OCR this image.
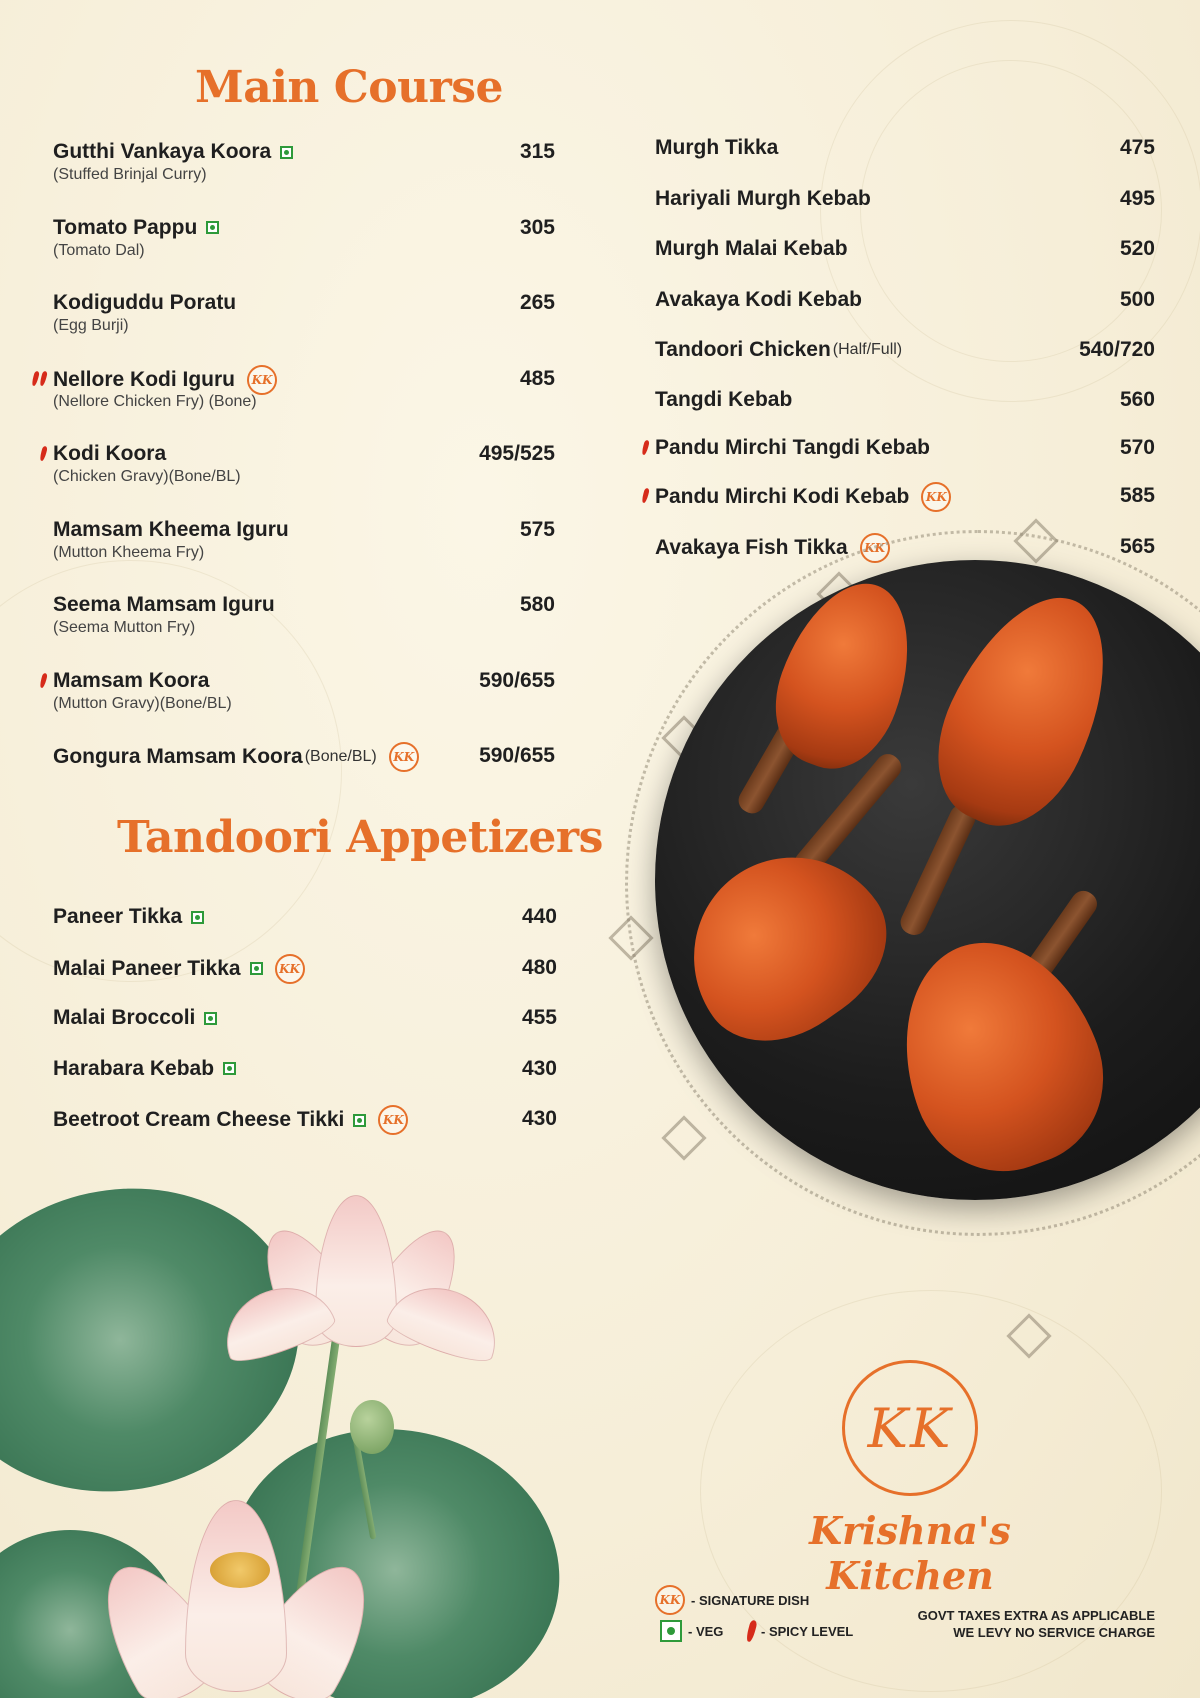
Main Course
Gutthi Vankaya Koora
(Stuffed Brinjal Curry)
315
Tomato Pappu
(Tomato Dal)
305
Kodiguddu Poratu
(Egg Burji)
265
Nellore Kodi Iguru	KK
(Nellore Chicken Fry) (Bone)
485
Kodi Koora
(Chicken Gravy)(Bone/BL)
495/525
Mamsam Kheema Iguru
(Mutton Kheema Fry)
575
Seema Mamsam Iguru
(Seema Mutton Fry)
580
Mamsam Koora
(Mutton Gravy)(Bone/BL)
590/655
Gongura Mamsam Koora (Bone/BL)	KK	590/655
Tandoori Appetizers
Paneer Tikka	440
Malai Paneer Tikka	KK	480
Malai Broccoli	455
Harabara Kebab	430
Beetroot Cream Cheese Tikki	KK	430
Murgh Tikka	475
Hariyali Murgh Kebab	495
Murgh Malai Kebab	520
Avakaya Kodi Kebab	500
Tandoori Chicken (Half/Full)	540/720
Tangdi Kebab	560
Pandu Mirchi Tangdi Kebab	570
Pandu Mirchi Kodi Kebab	KK	585
Avakaya Fish Tikka	KK	565
KK
Krishna's Kitchen
KK - SIGNATURE DISH
- VEG	- SPICY LEVEL
GOVT TAXES EXTRA AS APPLICABLE
WE LEVY NO SERVICE CHARGE
